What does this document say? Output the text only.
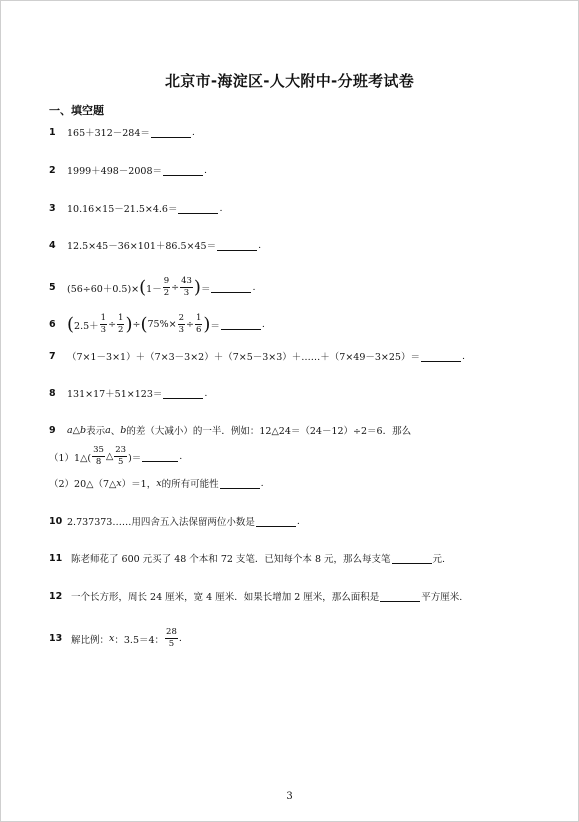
北京市-海淀区-人大附中-分班考试卷
一、填空题
1	165＋312－284＝	.
2	1999＋498－2008＝	.
3	10.16×15－21.5×4.6＝	.
4	12.5×45－36×101＋86.5×45＝	.
5	(56÷60＋0.5)× ( $1- \frac{9}{2} \div \frac{43}{3}$ ) ＝	.
6 ( $2.5+ \frac{1}{3} \div \frac{1}{2}$ ) ÷ ( $75\%\times \frac{2}{3} \div \frac{1}{6}$ ) ＝	.
7	（7×1－3×1）＋（7×3－3×2）＋（7×5－3×3）＋……＋（7×49－3×25）＝	.
8	131×17＋51×123＝	.
9	a △ b 表示 a 、 b 的差（大减小）的一半．例如：12△24＝（24－12）÷2＝6．那么
（1）1△( $\frac{35}{8}$ △ $\frac{23}{5}$ )＝	.
（2）20△（7△ x ）＝1， x 的所有可能性	.
10 2.737373……用四舍五入法保留两位小数是	.
11 陈老师花了 600 元买了 48 个本和 72 支笔．已知每个本 8 元，那么每支笔	元.
12 一个长方形，周长 24 厘米，宽 4 厘米．如果长增加 2 厘米，那么面积是	平方厘米.
13 解比例： x ：3.5＝4： $\frac{28}{5}$ .
3
